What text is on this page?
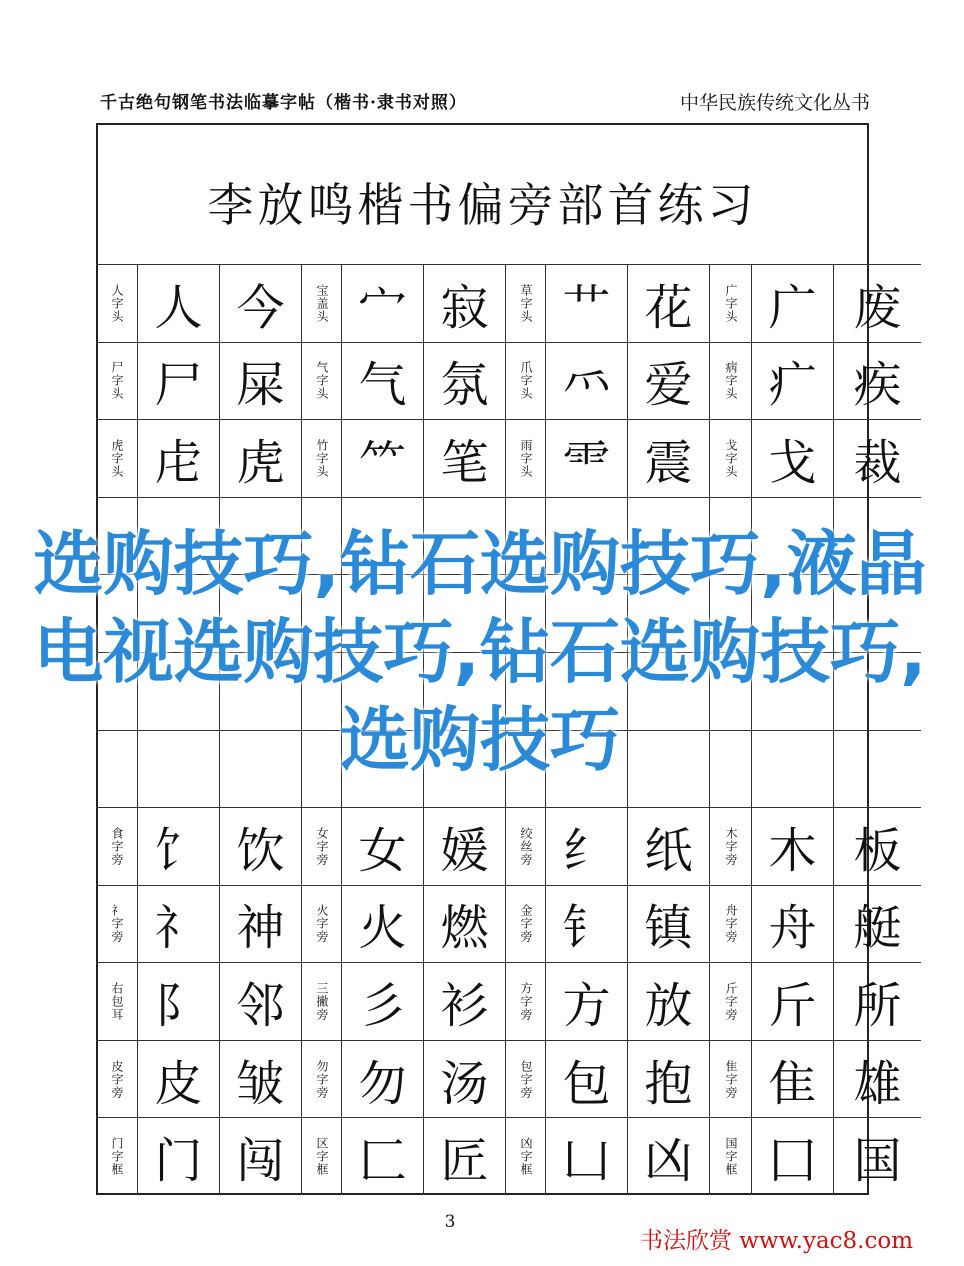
千古绝句钢笔书法临摹字帖（楷书·隶书对照）	中华民族传统文化丛书
李放鸣楷书偏旁部首练习
人字头 人 今	宝盖头 宀 寂	草字头 艹 花	广字头 广 废
尸字头 尸 屎	气字头 气 氛	爪字头 ⺤ 爱	病字头 疒 疾
虎字头 虍 虎	竹字头 ⺮ 笔	雨字头 ⻗ 震	戈字头 戈 裁
食字旁 饣 饮	女字旁 女 媛	绞丝旁 纟 纸	木字旁 木 板
礻字旁 礻 神	火字旁 火 燃	金字旁 钅 镇	舟字旁 舟 艇
右包耳 阝 邻	三撇旁 彡 衫	方字旁 方 放	斤字旁 斤 所
皮字旁 皮 皱	勿字旁 勿 汤	包字旁 包 抱	隹字旁 隹 雄
门字框 门 闯	区字框 匚 匠	凶字框 凵 凶	国字框 囗 国
选购技巧,钻石选购技巧,液晶电视选购技巧,钻石选购技巧,选购技巧
3
书法欣赏 www.yac8.com
